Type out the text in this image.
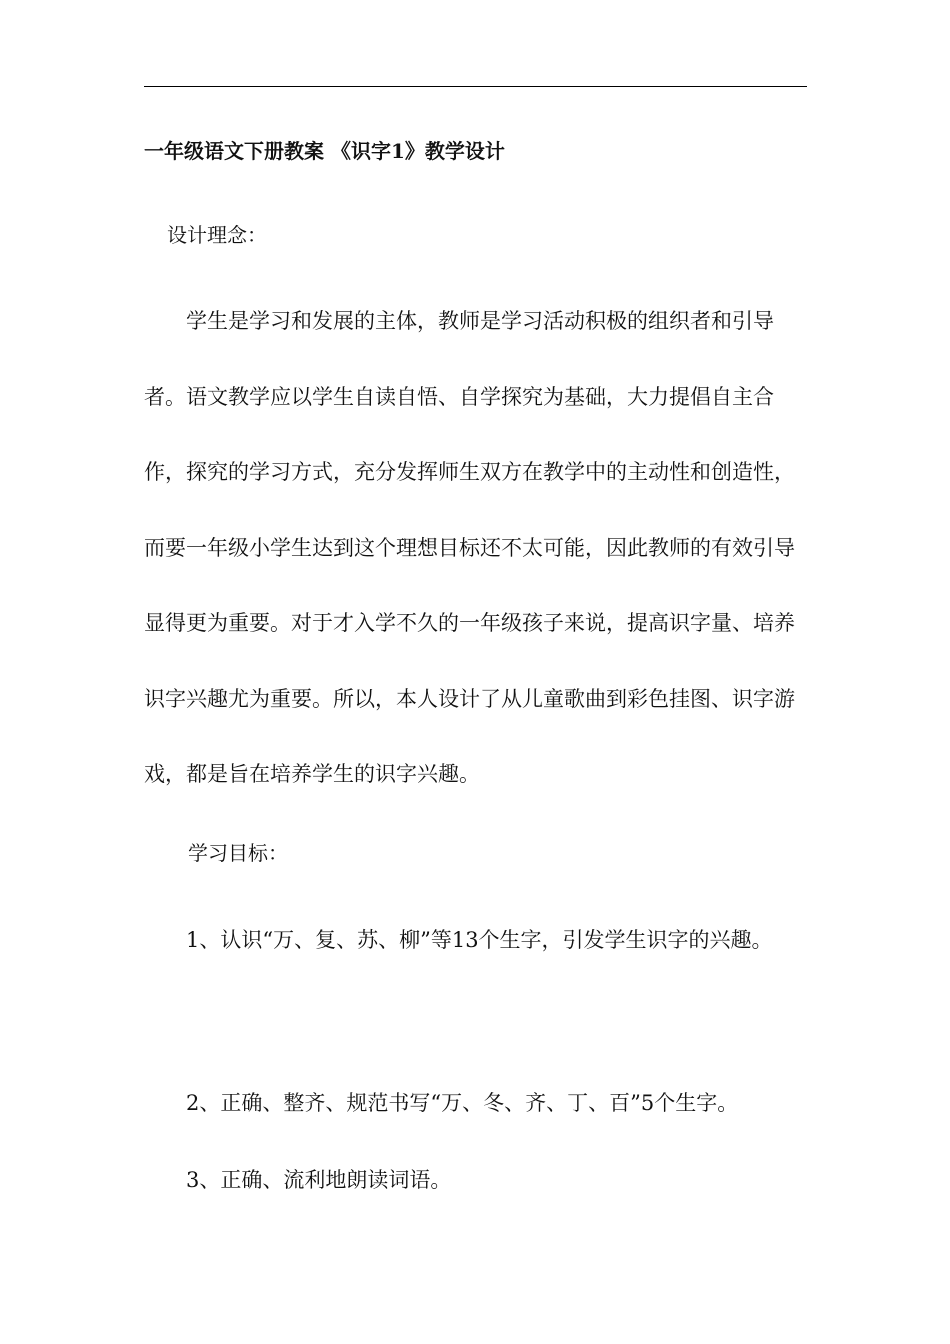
一年级语文下册教案 《识字1》教学设计
设计理念：

学生是学习和发展的主体，教师是学习活动积极的组织者和引导者。语文教学应以学生自读自悟、自学探究为基础，大力提倡自主合作，探究的学习方式，充分发挥师生双方在教学中的主动性和创造性，而要一年级小学生达到这个理想目标还不太可能，因此教师的有效引导显得更为重要。对于才入学不久的一年级孩子来说，提高识字量、培养识字兴趣尤为重要。所以，本人设计了从儿童歌曲到彩色挂图、识字游戏，都是旨在培养学生的识字兴趣。

学习目标：

1、认识“万、复、苏、柳”等13个生字，引发学生识字的兴趣。

2、正确、整齐、规范书写“万、冬、齐、丁、百”5个生字。

3、正确、流利地朗读词语。
